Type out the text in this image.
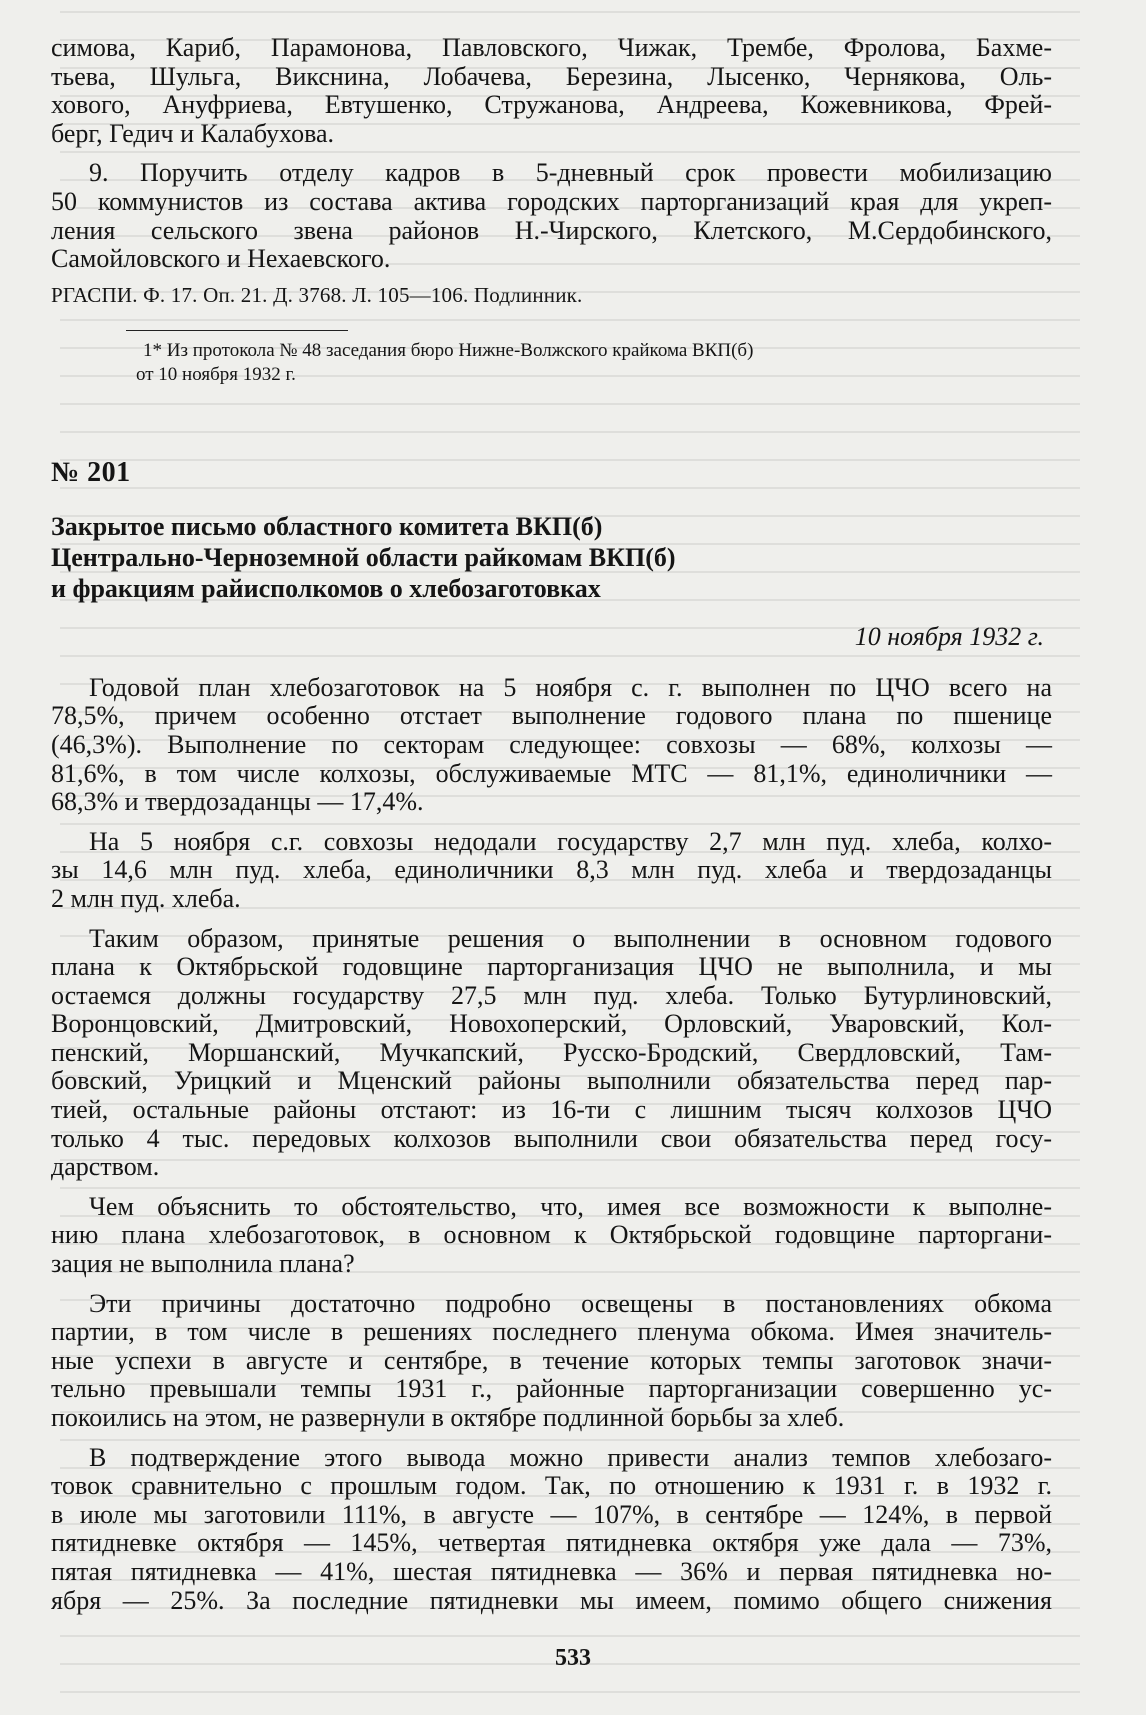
симова, Кариб, Парамонова, Павловского, Чижак, Трембе, Фролова, Бахме-
тьева, Шульга, Викснина, Лобачева, Березина, Лысенко, Чернякова, Оль-
хового, Ануфриева, Евтушенко, Стружанова, Андреева, Кожевникова, Фрей-
берг, Гедич и Калабухова.
9. Поручить отделу кадров в 5-дневный срок провести мобилизацию
50 коммунистов из состава актива городских парторганизаций края для укреп-
ления сельского звена районов Н.-Чирского, Клетского, М.Сердобинского,
Самойловского и Нехаевского.
РГАСПИ. Ф. 17. Оп. 21. Д. 3768. Л. 105—106. Подлинник.
1* Из протокола № 48 заседания бюро Нижне-Волжского крайкома ВКП(б)
от 10 ноября 1932 г.
№ 201
Закрытое письмо областного комитета ВКП(б)
Центрально-Черноземной области райкомам ВКП(б)
и фракциям райисполкомов о хлебозаготовках
10 ноября 1932 г.
Годовой план хлебозаготовок на 5 ноября с. г. выполнен по ЦЧО всего на
78,5%, причем особенно отстает выполнение годового плана по пшенице
(46,3%). Выполнение по секторам следующее: совхозы — 68%, колхозы —
81,6%, в том числе колхозы, обслуживаемые МТС — 81,1%, единоличники —
68,3% и твердозаданцы — 17,4%.
На 5 ноября с.г. совхозы недодали государству 2,7 млн пуд. хлеба, колхо-
зы 14,6 млн пуд. хлеба, единоличники 8,3 млн пуд. хлеба и твердозаданцы
2 млн пуд. хлеба.
Таким образом, принятые решения о выполнении в основном годового
плана к Октябрьской годовщине парторганизация ЦЧО не выполнила, и мы
остаемся должны государству 27,5 млн пуд. хлеба. Только Бутурлиновский,
Воронцовский, Дмитровский, Новохоперский, Орловский, Уваровский, Кол-
пенский, Моршанский, Мучкапский, Русско-Бродский, Свердловский, Там-
бовский, Урицкий и Мценский районы выполнили обязательства перед пар-
тией, остальные районы отстают: из 16-ти с лишним тысяч колхозов ЦЧО
только 4 тыс. передовых колхозов выполнили свои обязательства перед госу-
дарством.
Чем объяснить то обстоятельство, что, имея все возможности к выполне-
нию плана хлебозаготовок, в основном к Октябрьской годовщине парторгани-
зация не выполнила плана?
Эти причины достаточно подробно освещены в постановлениях обкома
партии, в том числе в решениях последнего пленума обкома. Имея значитель-
ные успехи в августе и сентябре, в течение которых темпы заготовок значи-
тельно превышали темпы 1931 г., районные парторганизации совершенно ус-
покоились на этом, не развернули в октябре подлинной борьбы за хлеб.
В подтверждение этого вывода можно привести анализ темпов хлебозаго-
товок сравнительно с прошлым годом. Так, по отношению к 1931 г. в 1932 г.
в июле мы заготовили 111%, в августе — 107%, в сентябре — 124%, в первой
пятидневке октября — 145%, четвертая пятидневка октября уже дала — 73%,
пятая пятидневка — 41%, шестая пятидневка — 36% и первая пятидневка но-
ября — 25%. За последние пятидневки мы имеем, помимо общего снижения
533
